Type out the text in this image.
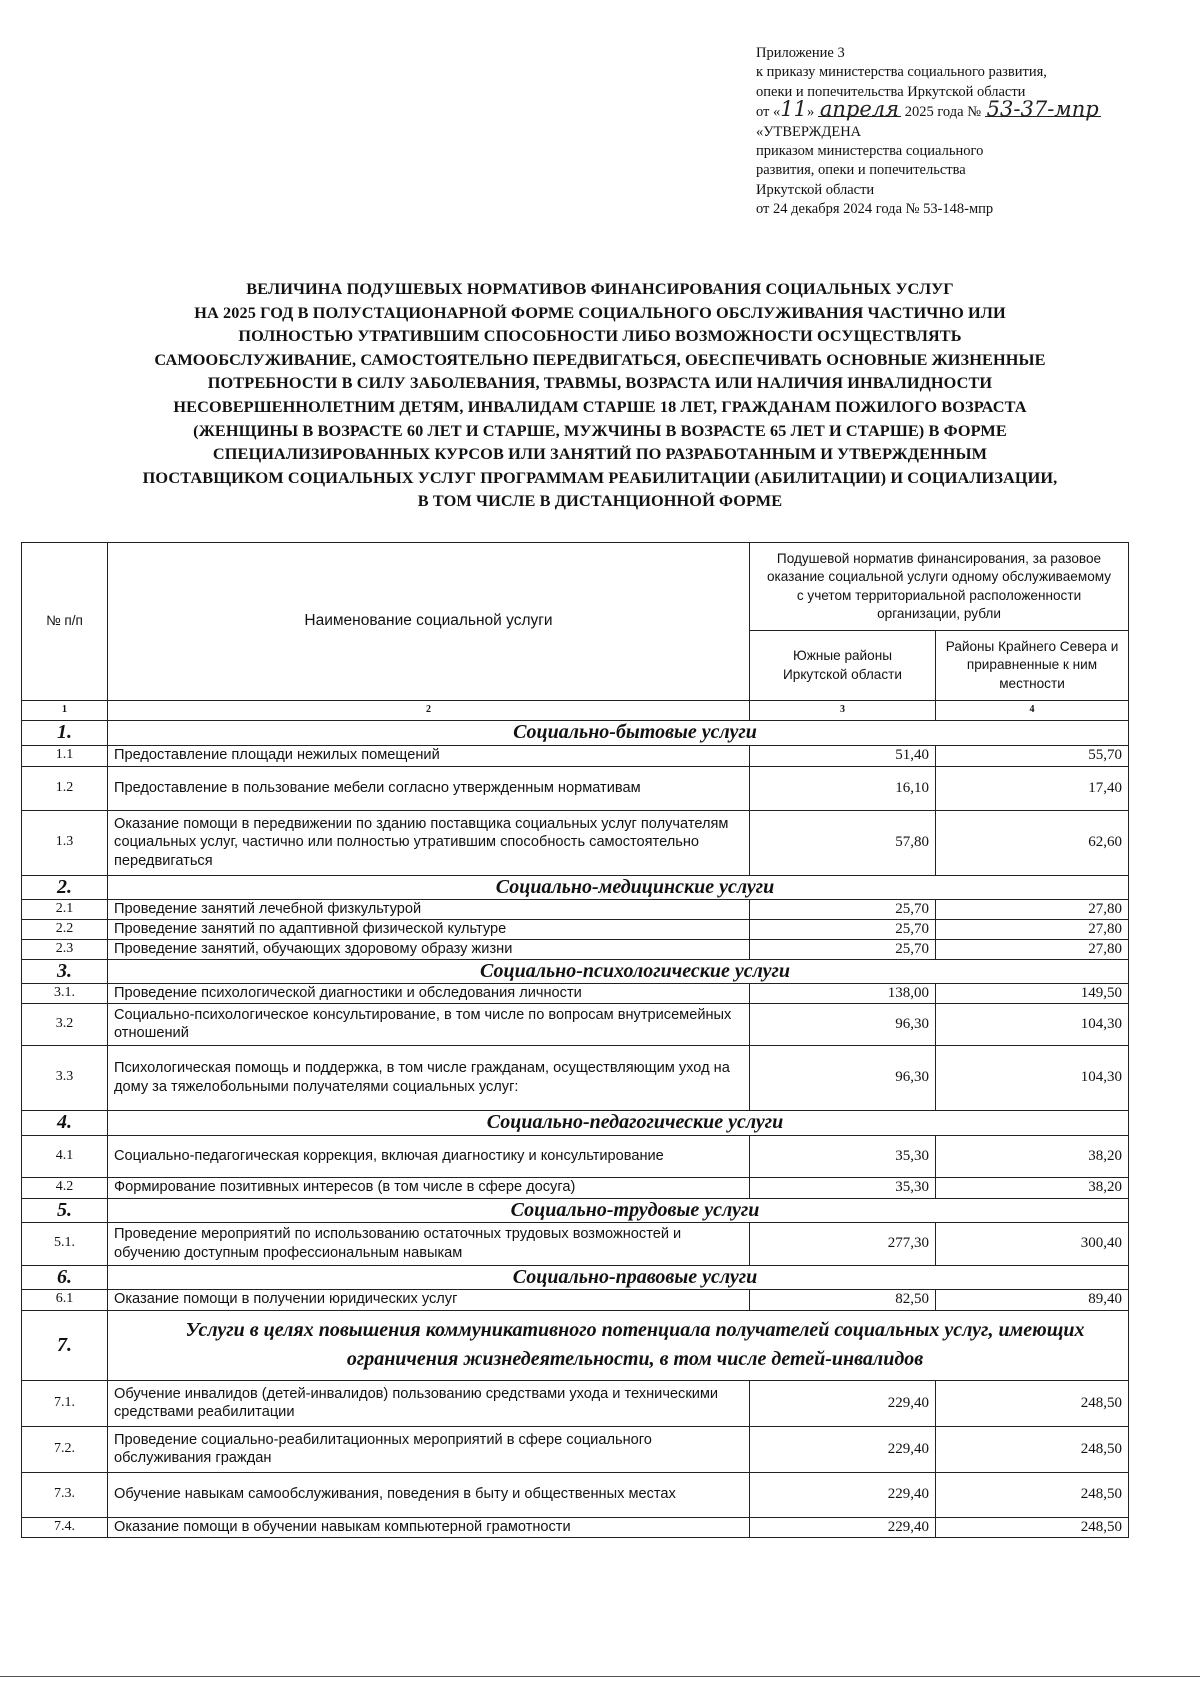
Приложение 3
к приказу министерства социального развития,
опеки и попечительства Иркутской области
от «11» апреля 2025 года № 53-37-мпр
«УТВЕРЖДЕНА
приказом министерства социального
развития, опеки и попечительства
Иркутской области
от 24 декабря 2024 года № 53-148-мпр
ВЕЛИЧИНА ПОДУШЕВЫХ НОРМАТИВОВ ФИНАНСИРОВАНИЯ СОЦИАЛЬНЫХ УСЛУГ
НА 2025 ГОД В ПОЛУСТАЦИОНАРНОЙ ФОРМЕ СОЦИАЛЬНОГО ОБСЛУЖИВАНИЯ ЧАСТИЧНО ИЛИ
ПОЛНОСТЬЮ УТРАТИВШИМ СПОСОБНОСТИ ЛИБО ВОЗМОЖНОСТИ ОСУЩЕСТВЛЯТЬ
САМООБСЛУЖИВАНИЕ, САМОСТОЯТЕЛЬНО ПЕРЕДВИГАТЬСЯ, ОБЕСПЕЧИВАТЬ ОСНОВНЫЕ ЖИЗНЕННЫЕ
ПОТРЕБНОСТИ В СИЛУ ЗАБОЛЕВАНИЯ, ТРАВМЫ, ВОЗРАСТА ИЛИ НАЛИЧИЯ ИНВАЛИДНОСТИ
НЕСОВЕРШЕННОЛЕТНИМ ДЕТЯМ, ИНВАЛИДАМ СТАРШЕ 18 ЛЕТ, ГРАЖДАНАМ ПОЖИЛОГО ВОЗРАСТА
(ЖЕНЩИНЫ В ВОЗРАСТЕ 60 ЛЕТ И СТАРШЕ, МУЖЧИНЫ В ВОЗРАСТЕ 65 ЛЕТ И СТАРШЕ) В ФОРМЕ
СПЕЦИАЛИЗИРОВАННЫХ КУРСОВ ИЛИ ЗАНЯТИЙ ПО РАЗРАБОТАННЫМ И УТВЕРЖДЕННЫМ
ПОСТАВЩИКОМ СОЦИАЛЬНЫХ УСЛУГ ПРОГРАММАМ РЕАБИЛИТАЦИИ (АБИЛИТАЦИИ) И СОЦИАЛИЗАЦИИ,
В ТОМ ЧИСЛЕ В ДИСТАНЦИОННОЙ ФОРМЕ
№ п/п	Наименование социальной услуги	Подушевой норматив финансирования, за разовое оказание социальной услуги одному обслуживаемому с учетом территориальной расположенности организации, рубли	
		Южные районы Иркутской области	Районы Крайнего Севера и приравненные к ним местности
1	2	3	4
1.	Социально-бытовые услуги		
1.1	Предоставление площади нежилых помещений	51,40	55,70
1.2	Предоставление в пользование мебели согласно утвержденным нормативам	16,10	17,40
1.3	Оказание помощи в передвижении по зданию поставщика социальных услуг получателям социальных услуг, частично или полностью утратившим способность самостоятельно передвигаться	57,80	62,60
2.	Социально-медицинские услуги		
2.1	Проведение занятий лечебной физкультурой	25,70	27,80
2.2	Проведение занятий по адаптивной физической культуре	25,70	27,80
2.3	Проведение занятий, обучающих здоровому образу жизни	25,70	27,80
3.	Социально-психологические услуги		
3.1.	Проведение психологической диагностики и обследования личности	138,00	149,50
3.2	Социально-психологическое консультирование, в том числе по вопросам внутрисемейных отношений	96,30	104,30
3.3	Психологическая помощь и поддержка, в том числе гражданам, осуществляющим уход на дому за тяжелобольными получателями социальных услуг:	96,30	104,30
4.	Социально-педагогические услуги		
4.1	Социально-педагогическая коррекция, включая диагностику и консультирование	35,30	38,20
4.2	Формирование позитивных интересов (в том числе в сфере досуга)	35,30	38,20
5.	Социально-трудовые услуги		
5.1.	Проведение мероприятий по использованию остаточных трудовых возможностей и обучению доступным профессиональным навыкам	277,30	300,40
6.	Социально-правовые услуги		
6.1	Оказание помощи в получении юридических услуг	82,50	89,40
7.	Услуги в целях повышения коммуникативного потенциала получателей социальных услуг, имеющих ограничения жизнедеятельности, в том числе детей-инвалидов		
7.1.	Обучение инвалидов (детей-инвалидов) пользованию средствами ухода и техническими средствами реабилитации	229,40	248,50
7.2.	Проведение социально-реабилитационных мероприятий в сфере социального обслуживания граждан	229,40	248,50
7.3.	Обучение навыкам самообслуживания, поведения в быту и общественных местах	229,40	248,50
7.4.	Оказание помощи в обучении навыкам компьютерной грамотности	229,40	248,50
